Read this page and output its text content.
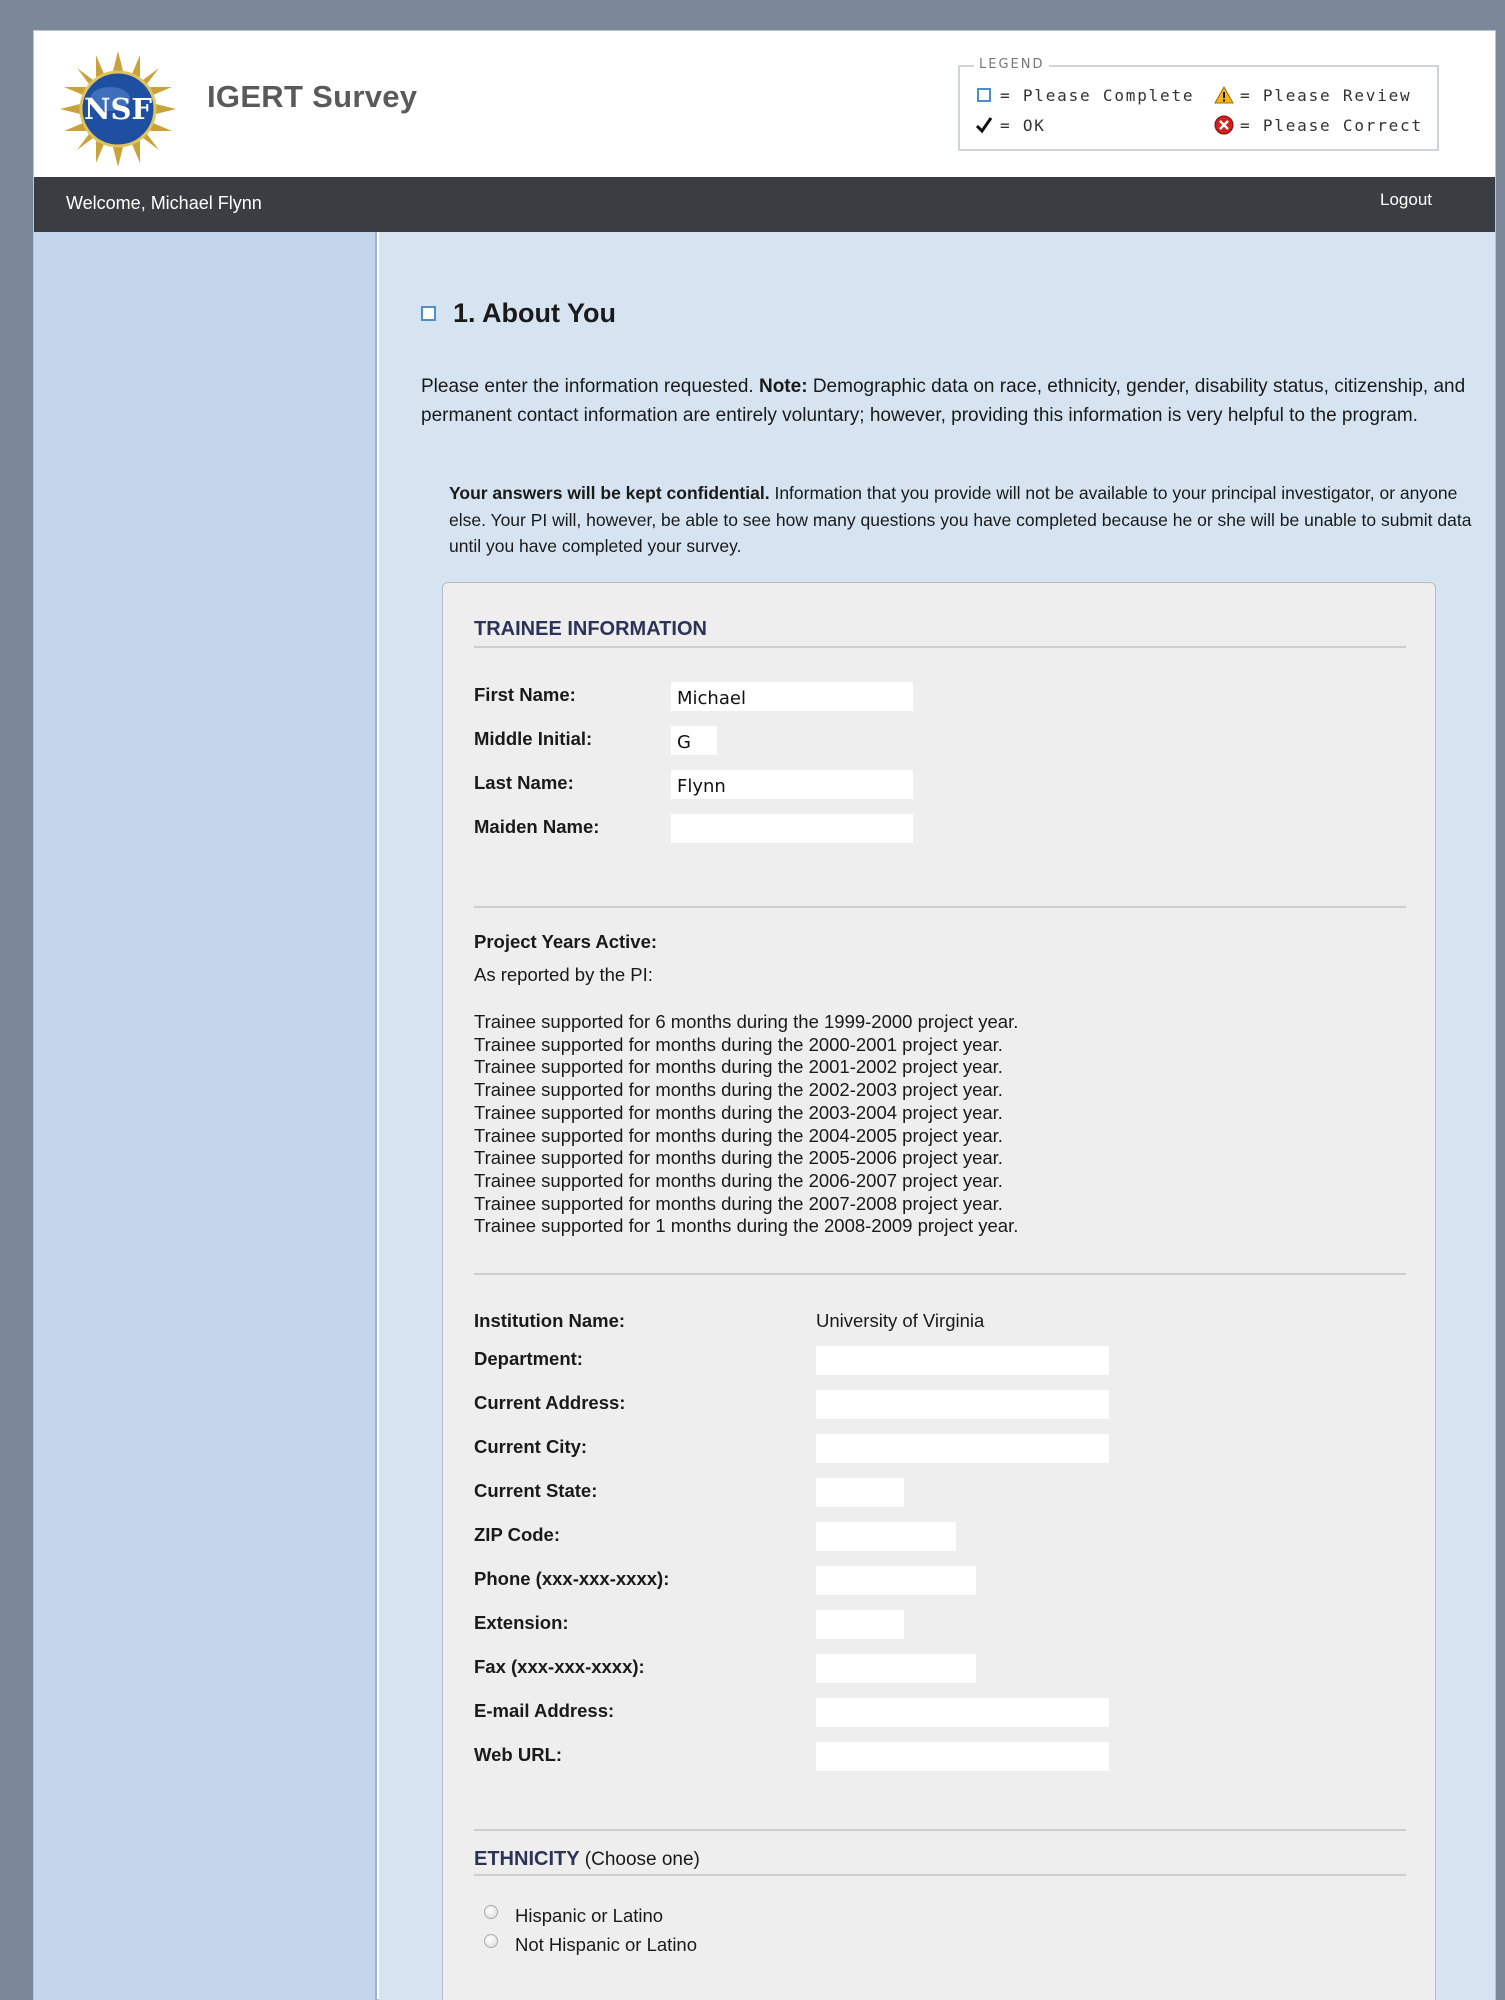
NSF IGERT Survey
LEGEND
= Please Complete
= OK
= Please Review
= Please Correct
Welcome, Michael Flynn	Logout
1. About You
Please enter the information requested. Note: Demographic data on race, ethnicity, gender, disability status, citizenship, and permanent contact information are entirely voluntary; however, providing this information is very helpful to the program.
Your answers will be kept confidential. Information that you provide will not be available to your principal investigator, or anyone else. Your PI will, however, be able to see how many questions you have completed because he or she will be unable to submit data until you have completed your survey.
TRAINEE INFORMATION
First Name:
Michael
Middle Initial:
G
Last Name:
Flynn
Maiden Name:
Project Years Active:
As reported by the PI:
Trainee supported for 6 months during the 1999-2000 project year.
Trainee supported for months during the 2000-2001 project year.
Trainee supported for months during the 2001-2002 project year.
Trainee supported for months during the 2002-2003 project year.
Trainee supported for months during the 2003-2004 project year.
Trainee supported for months during the 2004-2005 project year.
Trainee supported for months during the 2005-2006 project year.
Trainee supported for months during the 2006-2007 project year.
Trainee supported for months during the 2007-2008 project year.
Trainee supported for 1 months during the 2008-2009 project year.
Institution Name:	University of Virginia
Department:
Current Address:
Current City:
Current State:
ZIP Code:
Phone (xxx-xxx-xxxx):
Extension:
Fax (xxx-xxx-xxxx):
E-mail Address:
Web URL:
ETHNICITY (Choose one)
Hispanic or Latino
Not Hispanic or Latino
